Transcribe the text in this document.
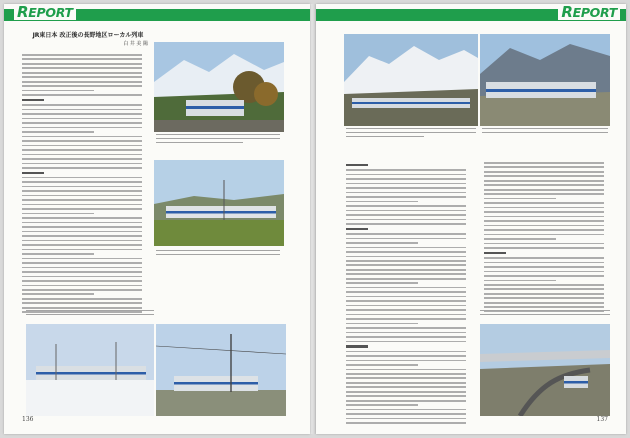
REPORT
JR東日本 改正後の長野地区ローカル列車
白 井 美 陽
136
REPORT
137
